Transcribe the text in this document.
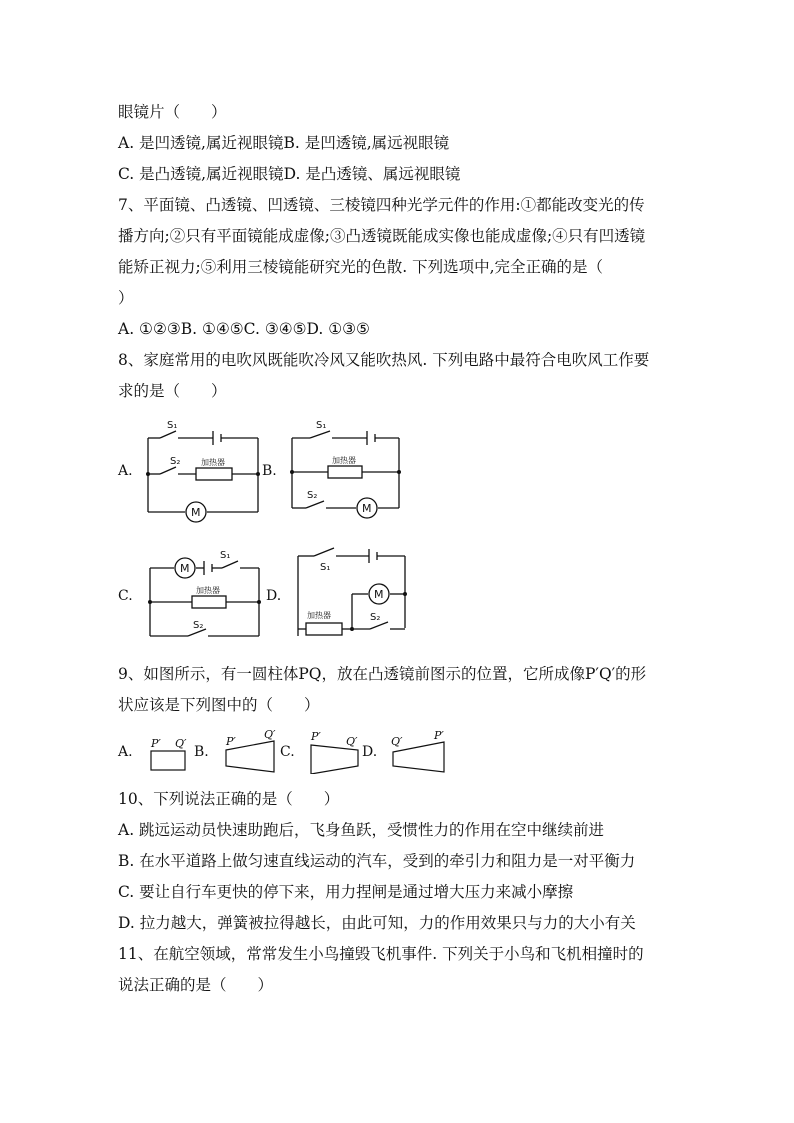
眼镜片（　　）
A. 是凹透镜,属近视眼镜B. 是凹透镜,属远视眼镜
C. 是凸透镜,属近视眼镜D. 是凸透镜、属远视眼镜
7、平面镜、凸透镜、凹透镜、三棱镜四种光学元件的作用:①都能改变光的传
播方向;②只有平面镜能成虚像;③凸透镜既能成实像也能成虚像;④只有凹透镜
能矫正视力;⑤利用三棱镜能研究光的色散. 下列选项中,完全正确的是（
）
A. ①②③B. ①④⑤C. ③④⑤D. ①③⑤
8、家庭常用的电吹风既能吹冷风又能吹热风. 下列电路中最符合电吹风工作要
求的是（　　）
S₁
S₂	加热器
M
S₁
加热器
S₂
M
M
S₁
加热器
S₂
S₁
M
加热器	S₂
A.	B.
C.	D.
9、如图所示，有一圆柱体PQ，放在凸透镜前图示的位置，它所成像P′Q′的形
状应该是下列图中的（　　）
P′ Q′	P′
Q′	P′ Q′	Q′	P′
A.	B.	C.	D.
10、下列说法正确的是（　　）
A. 跳远运动员快速助跑后，飞身鱼跃，受惯性力的作用在空中继续前进
B. 在水平道路上做匀速直线运动的汽车，受到的牵引力和阻力是一对平衡力
C. 要让自行车更快的停下来，用力捏闸是通过增大压力来减小摩擦
D. 拉力越大，弹簧被拉得越长，由此可知，力的作用效果只与力的大小有关
11、在航空领域，常常发生小鸟撞毁飞机事件. 下列关于小鸟和飞机相撞时的
说法正确的是（　　）
